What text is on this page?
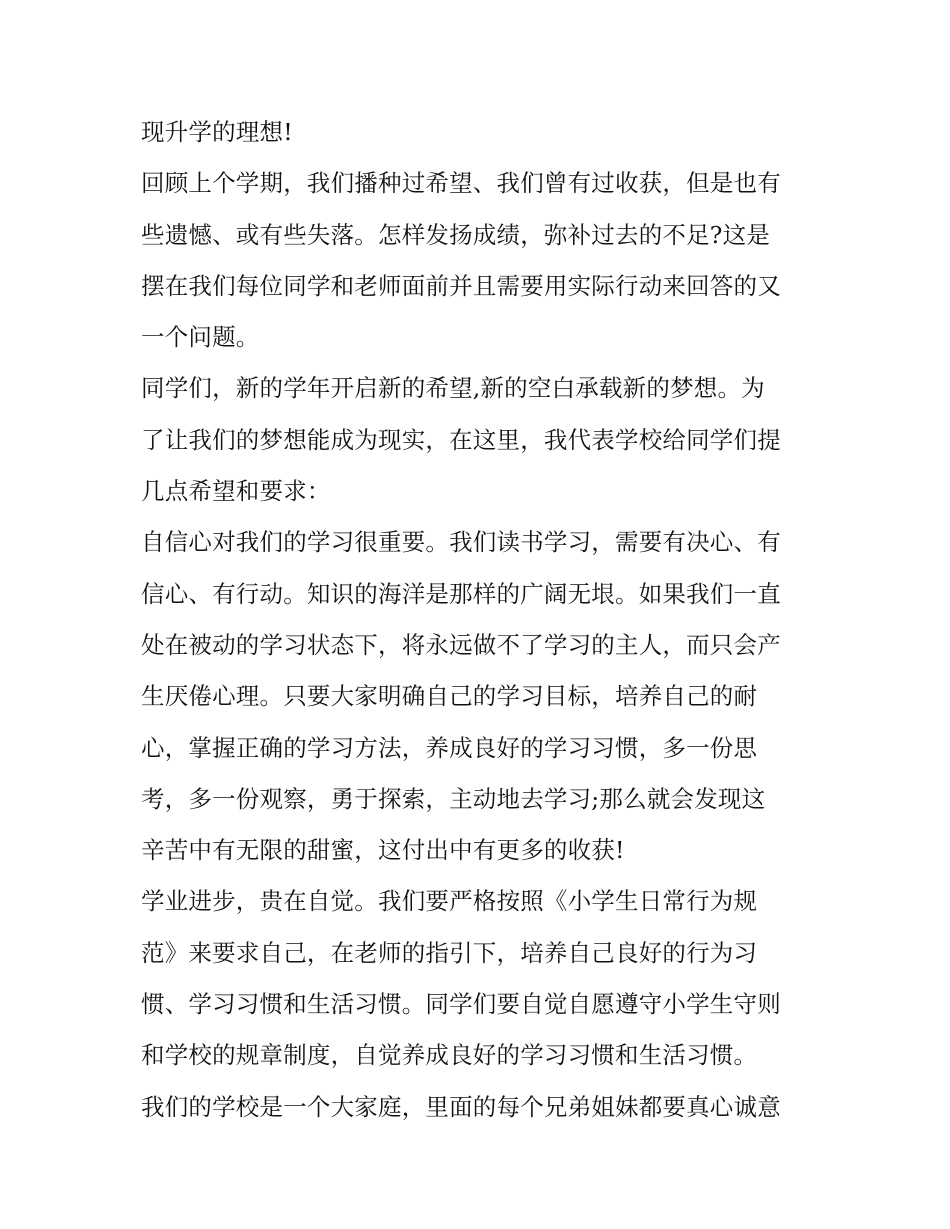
现升学的理想!
回顾上个学期，我们播种过希望、我们曾有过收获，但是也有
些遗憾、或有些失落。怎样发扬成绩，弥补过去的不足?这是
摆在我们每位同学和老师面前并且需要用实际行动来回答的又
一个问题。
同学们，新的学年开启新的希望,新的空白承载新的梦想。为
了让我们的梦想能成为现实，在这里，我代表学校给同学们提
几点希望和要求：
自信心对我们的学习很重要。我们读书学习，需要有决心、有
信心、有行动。知识的海洋是那样的广阔无垠。如果我们一直
处在被动的学习状态下，将永远做不了学习的主人，而只会产
生厌倦心理。只要大家明确自己的学习目标，培养自己的耐
心，掌握正确的学习方法，养成良好的学习习惯，多一份思
考，多一份观察，勇于探索，主动地去学习;那么就会发现这
辛苦中有无限的甜蜜，这付出中有更多的收获!
学业进步，贵在自觉。我们要严格按照《小学生日常行为规
范》来要求自己，在老师的指引下，培养自己良好的行为习
惯、学习习惯和生活习惯。同学们要自觉自愿遵守小学生守则
和学校的规章制度，自觉养成良好的学习习惯和生活习惯。
我们的学校是一个大家庭，里面的每个兄弟姐妹都要真心诚意
